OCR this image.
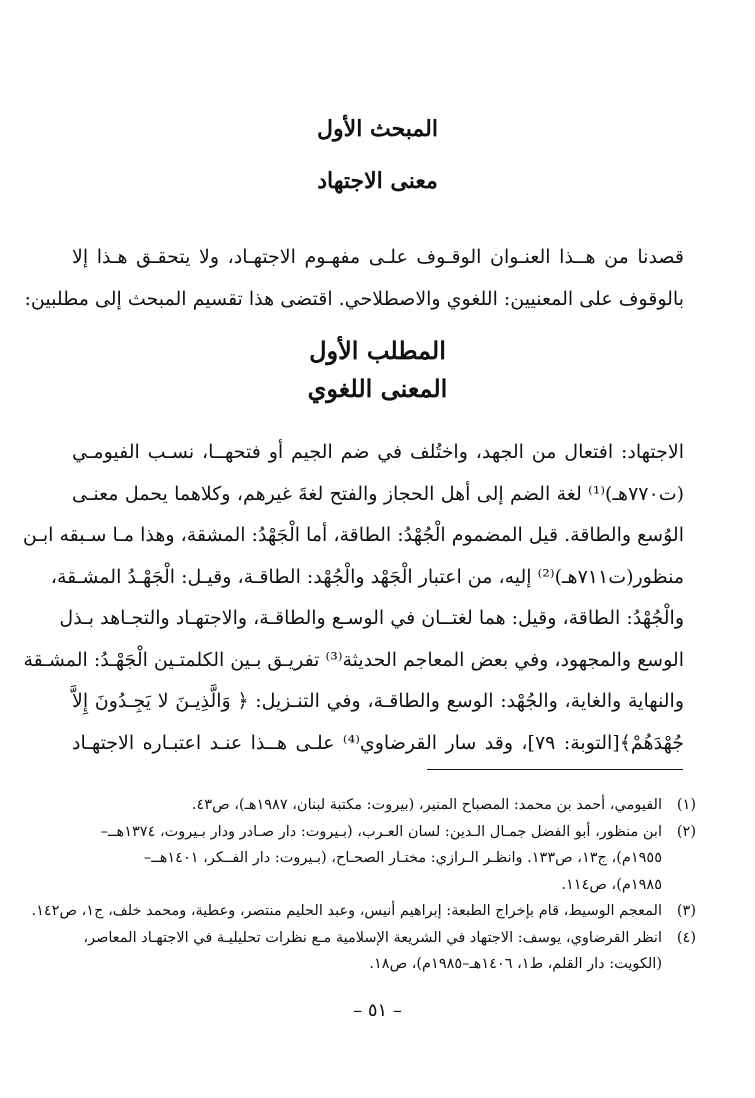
المبحث الأول
معنى الاجتهاد

قصدنا من هــذا العنـوان الوقـوف علـى مفهـوم الاجتهـاد، ولا يتحقـق هـذا إلا
بالوقوف على المعنيين: اللغوي والاصطلاحي. اقتضى هذا تقسيم المبحث إلى مطلبين:

المطلب الأول
المعنى اللغوي

الاجتهاد: افتعال من الجهد، واختُلف في ضم الجيم أو فتحهــا، نسـب الفيومـي
(ت٧٧٠هـ)⁽¹⁾ لغة الضم إلى أهل الحجاز والفتح لغةَ غيرهم، وكلاهما يحمل معنـى
الوُسع والطاقة. قيل المضموم الْجُهْدُ: الطاقة، أما الْجَهْدُ: المشقة، وهذا مـا سـبقه ابـن
منظور(ت٧١١هـ)⁽²⁾ إليه، من اعتبار الْجَهْد والْجُهْد: الطاقـة، وقيـل: الْجَهْـدُ المشـقة،
والْجُهْدُ: الطاقة، وقيل: هما لغتــان في الوسـع والطاقـة، والاجتهـاد والتجـاهد بـذل
الوسع والمجهود، وفي بعض المعاجم الحديثة⁽³⁾ تفريـق بـين الكلمتـين الْجَهْـدُ: المشـقة
والنهاية والغاية، والجُهْد: الوسع والطاقـة، وفي التنـزيل: ﴿ وَالَّذِيـنَ لا يَجِـدُونَ إِلاَّ
جُهْدَهُمْ﴾[التوبة: ٧٩]، وقد سار القرضاوي⁽⁴⁾ علـى هــذا عنـد اعتبـاره الاجتهـاد

(١)الفيومي، أحمد بن محمد: المصباح المنير، (بيروت: مكتبة لبنان، ١٩٨٧هـ)، ص٤٣.
(٢)ابن منظور، أبو الفضل جمـال الـدين: لسان العـرب، (بـيروت: دار صـادر ودار بـيروت، ١٣٧٤هــ–
١٩٥٥م)، ج١٣، ص١٣٣. وانظـر الـرازي: مختـار الصحـاح، (بـيروت: دار الفــكر، ١٤٠١هــ–
١٩٨٥م)، ص١١٤.
(٣)المعجم الوسيط، قام بإخراج الطبعة: إبراهيم أنيس، وعبد الحليم منتصر، وعطية، ومحمد خلف، ج١، ص١٤٢.
(٤)انظر القرضاوي، يوسف: الاجتهاد في الشريعة الإسلامية مـع نظرات تحليليـة في الاجتهـاد المعاصر،
(الكويت: دار القلم، ط١، ١٤٠٦هـ–١٩٨٥م)، ص١٨.
– ٥١ –
